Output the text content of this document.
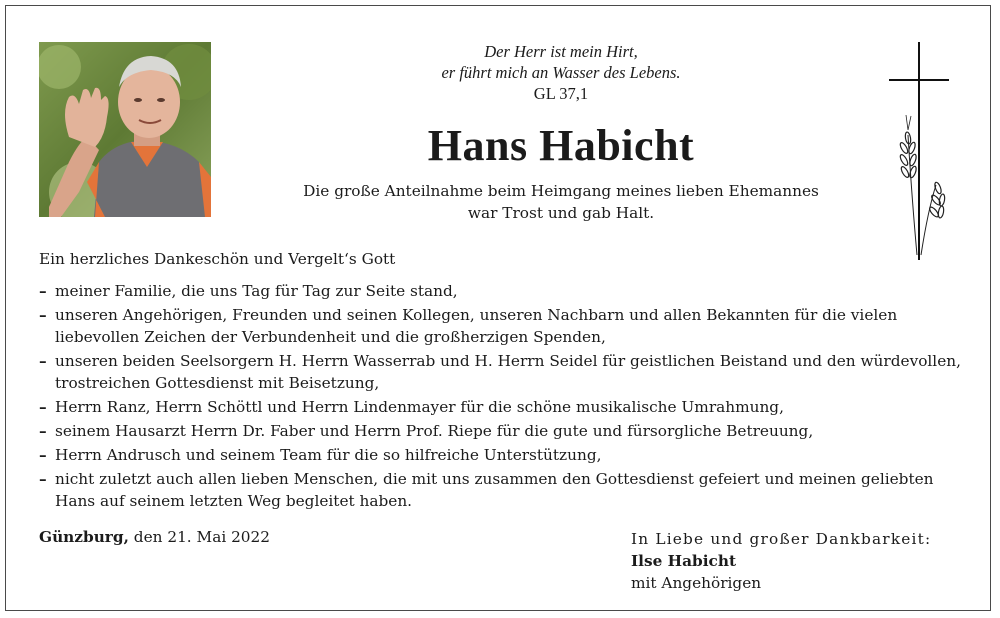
Der Herr ist mein Hirt,
er führt mich an Wasser des Lebens.
GL 37,1
Hans Habicht
Die große Anteilnahme beim Heimgang meines lieben Ehemannes
war Trost und gab Halt.
Ein herzliches Dankeschön und Vergelt‘s Gott
– meiner Familie, die uns Tag für Tag zur Seite stand,
– unseren Angehörigen, Freunden und seinen Kollegen, unseren Nachbarn und allen Bekannten für die vielen liebevollen Zeichen der Verbundenheit und die großherzigen Spenden,
– unseren beiden Seelsorgern H. Herrn Wasserrab und H. Herrn Seidel für geistlichen Beistand und den würdevollen, trostreichen Gottesdienst mit Beisetzung,
– Herrn Ranz, Herrn Schöttl und Herrn Lindenmayer für die schöne musikalische Umrahmung,
– seinem Hausarzt Herrn Dr. Faber und Herrn Prof. Riepe für die gute und fürsorgliche Betreuung,
– Herrn Andrusch und seinem Team für die so hilfreiche Unterstützung,
– nicht zuletzt auch allen lieben Menschen, die mit uns zusammen den Gottesdienst gefeiert und meinen geliebten Hans auf seinem letzten Weg begleitet haben.
Günzburg, den 21. Mai 2022	In Liebe und großer Dankbarkeit:
Ilse Habicht
mit Angehörigen
